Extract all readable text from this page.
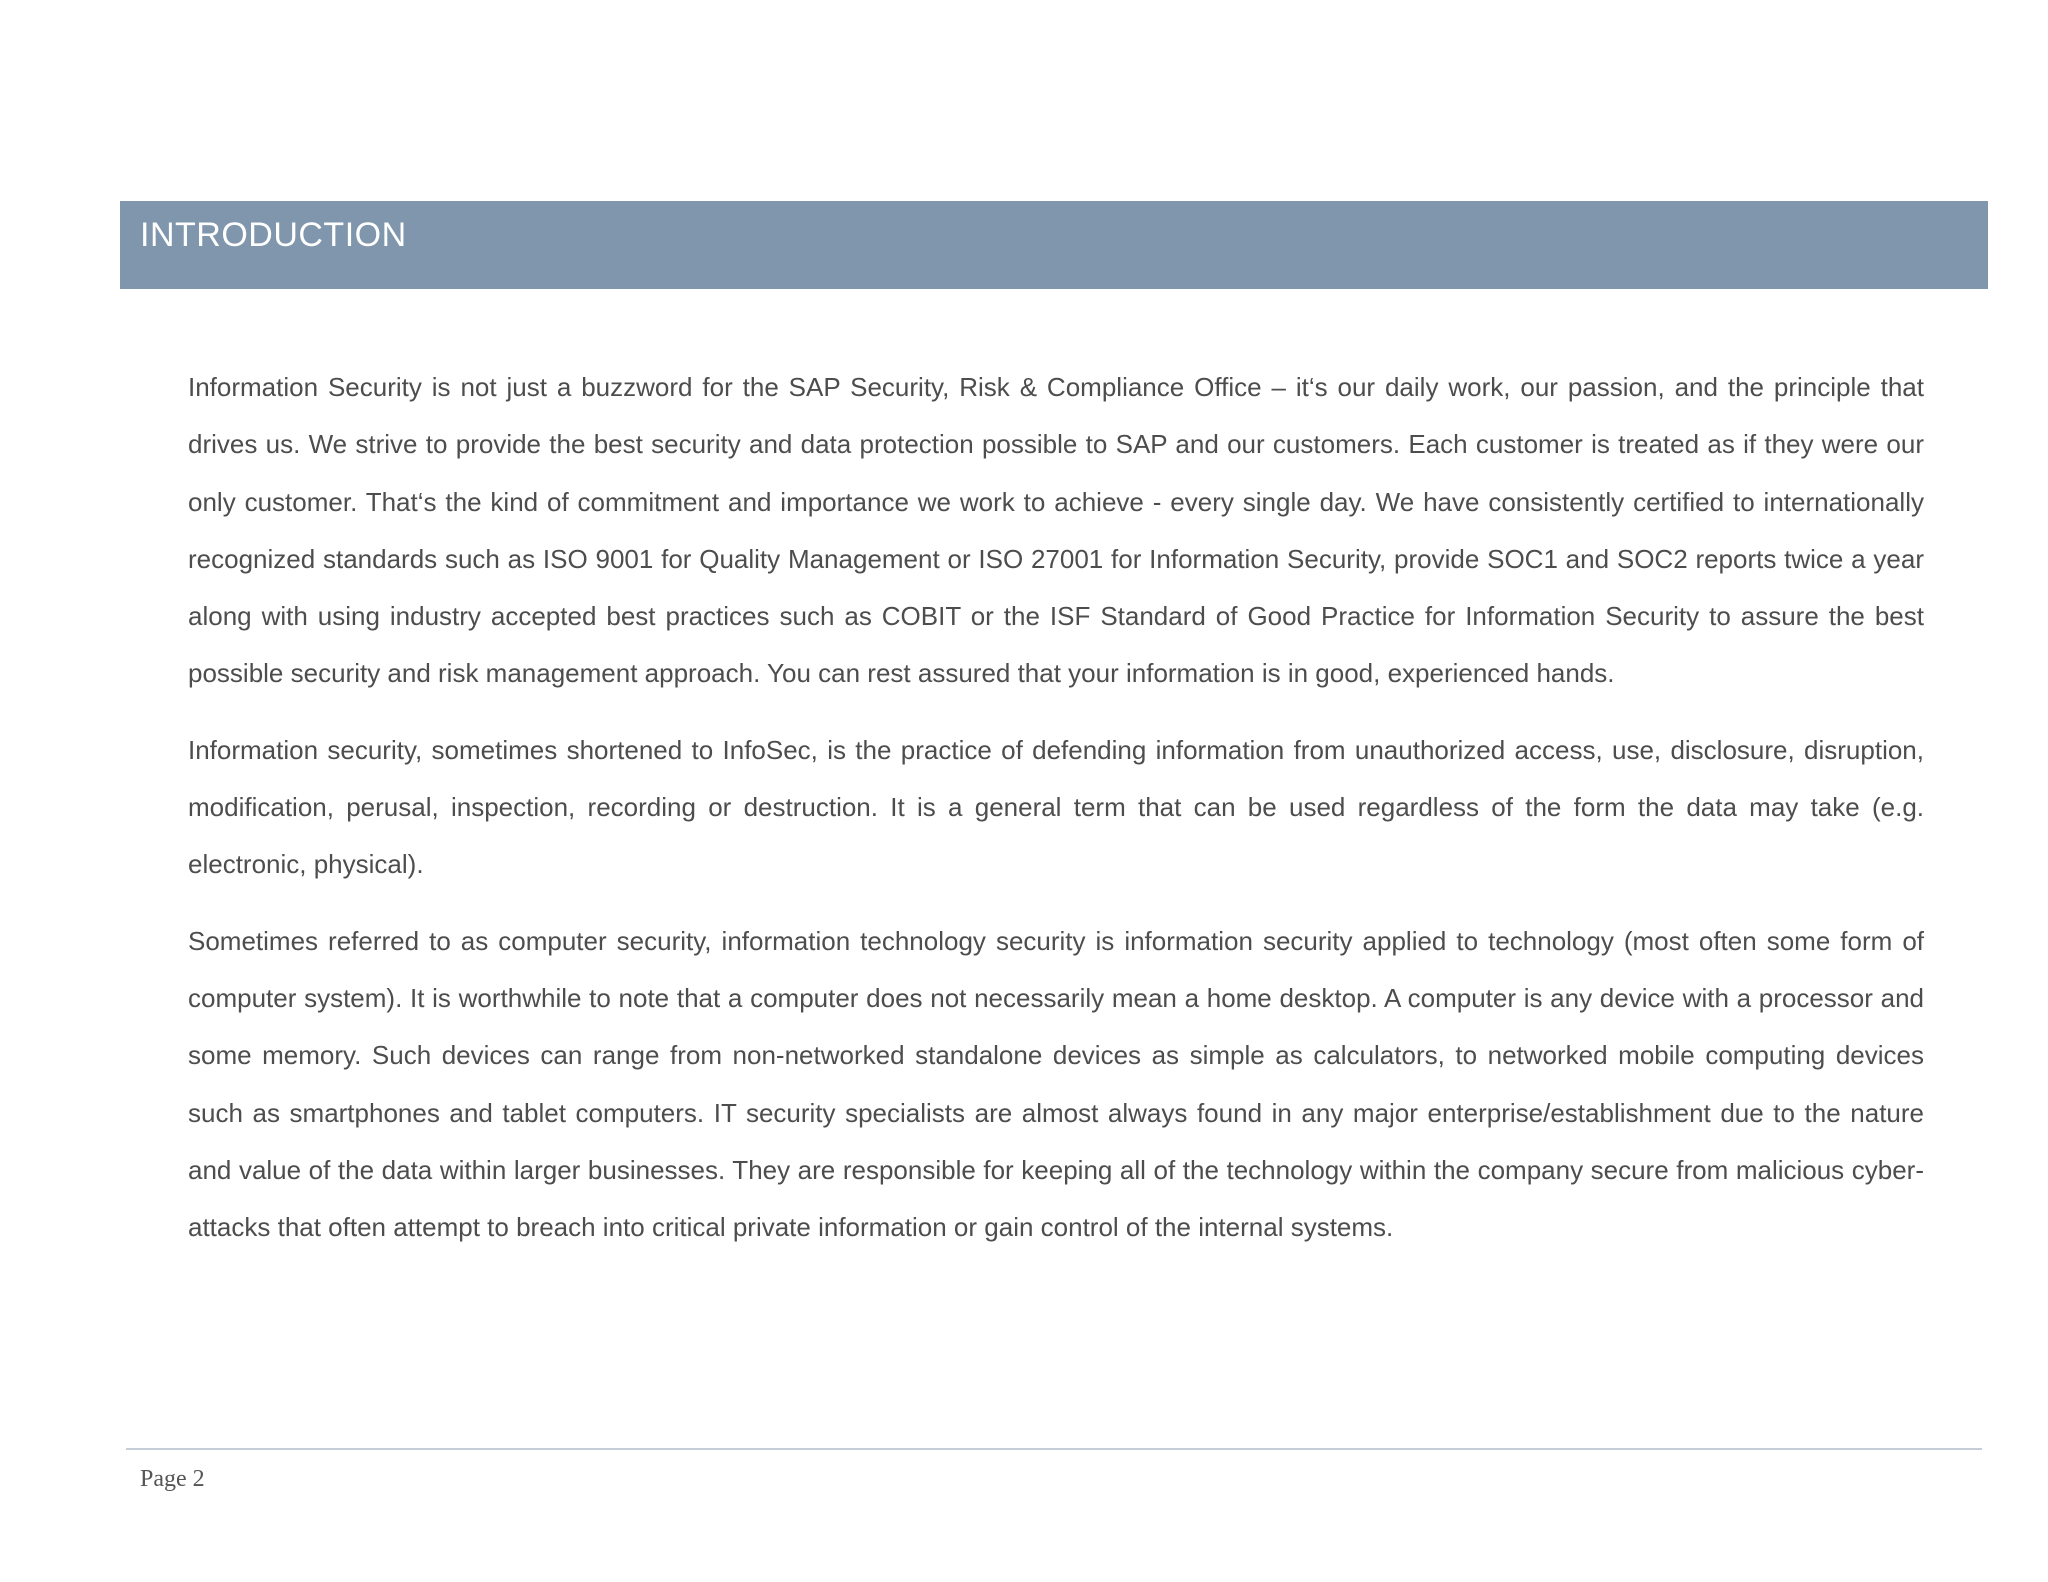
INTRODUCTION

Information Security is not just a buzzword for the SAP Security, Risk & Compliance Office – it‘s our daily work, our passion, and the principle that drives us. We strive to provide the best security and data protection possible to SAP and our customers. Each customer is treated as if they were our only customer. That‘s the kind of commitment and importance we work to achieve - every single day. We have consistently certified to internationally recognized standards such as ISO 9001 for Quality Management or ISO 27001 for Information Security, provide SOC1 and SOC2 reports twice a year along with using industry accepted best practices such as COBIT or the ISF Standard of Good Practice for Information Security to assure the best possible security and risk management approach. You can rest assured that your information is in good, experienced hands.

Information security, sometimes shortened to InfoSec, is the practice of defending information from unauthorized access, use, disclosure, disruption, modification, perusal, inspection, recording or destruction. It is a general term that can be used regardless of the form the data may take (e.g. electronic, physical).

Sometimes referred to as computer security, information technology security is information security applied to technology (most often some form of computer system). It is worthwhile to note that a computer does not necessarily mean a home desktop. A computer is any device with a processor and some memory. Such devices can range from non-networked standalone devices as simple as calculators, to networked mobile computing devices such as smartphones and tablet computers. IT security specialists are almost always found in any major enterprise/establishment due to the nature and value of the data within larger businesses. They are responsible for keeping all of the technology within the company secure from malicious cyber-attacks that often attempt to breach into critical private information or gain control of the internal systems.

Page 2
